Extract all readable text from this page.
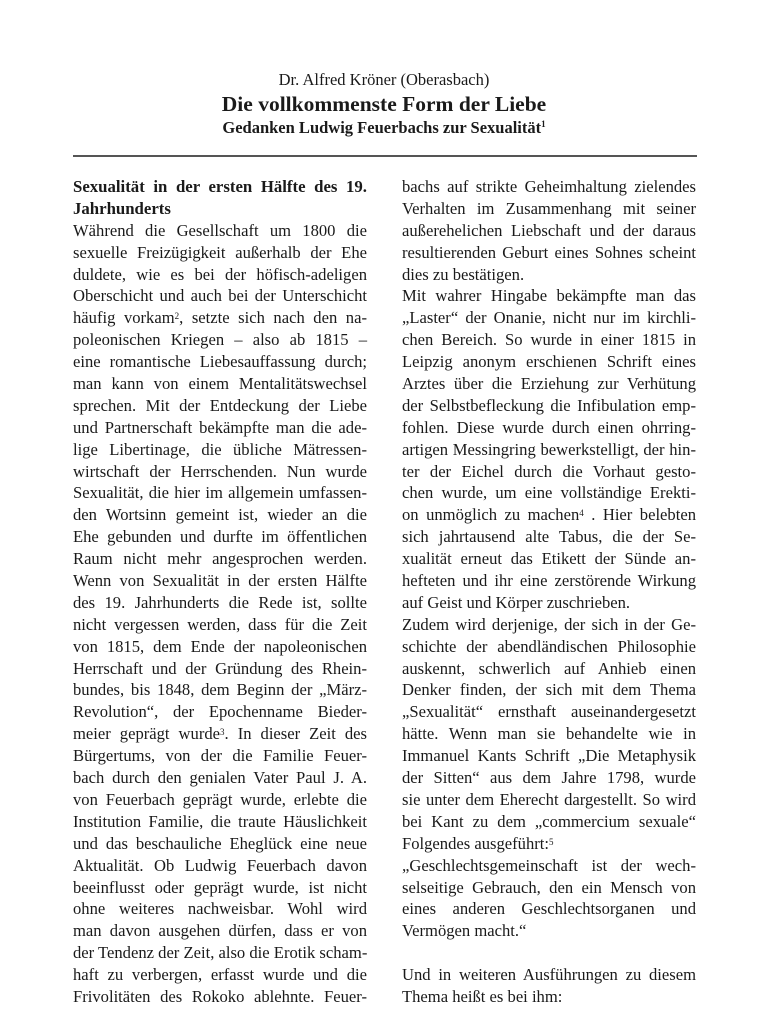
Dr. Alfred Kröner (Oberasbach)
Die vollkommenste Form der Liebe
Gedanken Ludwig Feuerbachs zur Sexualität$^1$
Sexualität in der ersten Hälfte des 19.
Jahrhunderts
Während die Gesellschaft um 1800 die
sexuelle Freizügigkeit außerhalb der Ehe
duldete, wie es bei der höfisch-adeligen
Oberschicht und auch bei der Unterschicht
häufig vorkam$^2$, setzte sich nach den na-
poleonischen Kriegen – also ab 1815 –
eine romantische Liebesauffassung durch;
man kann von einem Mentalitätswechsel
sprechen. Mit der Entdeckung der Liebe
und Partnerschaft bekämpfte man die ade-
lige Libertinage, die übliche Mätressen-
wirtschaft der Herrschenden. Nun wurde
Sexualität, die hier im allgemein umfassen-
den Wortsinn gemeint ist, wieder an die
Ehe gebunden und durfte im öffentlichen
Raum nicht mehr angesprochen werden.
Wenn von Sexualität in der ersten Hälfte
des 19. Jahrhunderts die Rede ist, sollte
nicht vergessen werden, dass für die Zeit
von 1815, dem Ende der napoleonischen
Herrschaft und der Gründung des Rhein-
bundes, bis 1848, dem Beginn der „März-
Revolution“, der Epochenname Bieder-
meier geprägt wurde$^3$. In dieser Zeit des
Bürgertums, von der die Familie Feuer-
bach durch den genialen Vater Paul J. A.
von Feuerbach geprägt wurde, erlebte die
Institution Familie, die traute Häuslichkeit
und das beschauliche Eheglück eine neue
Aktualität. Ob Ludwig Feuerbach davon
beeinflusst oder geprägt wurde, ist nicht
ohne weiteres nachweisbar. Wohl wird
man davon ausgehen dürfen, dass er von
der Tendenz der Zeit, also die Erotik scham-
haft zu verbergen, erfasst wurde und die
Frivolitäten des Rokoko ablehnte. Feuer-
bachs auf strikte Geheimhaltung zielendes
Verhalten im Zusammenhang mit seiner
außerehelichen Liebschaft und der daraus
resultierenden Geburt eines Sohnes scheint
dies zu bestätigen.
Mit wahrer Hingabe bekämpfte man das
„Laster“ der Onanie, nicht nur im kirchli-
chen Bereich. So wurde in einer 1815 in
Leipzig anonym erschienen Schrift eines
Arztes über die Erziehung zur Verhütung
der Selbstbefleckung die Infibulation emp-
fohlen. Diese wurde durch einen ohrring-
artigen Messingring bewerkstelligt, der hin-
ter der Eichel durch die Vorhaut gesto-
chen wurde, um eine vollständige Erekti-
on unmöglich zu machen$^4$ . Hier belebten
sich jahrtausend alte Tabus, die der Se-
xualität erneut das Etikett der Sünde an-
hefteten und ihr eine zerstörende Wirkung
auf Geist und Körper zuschrieben.
Zudem wird derjenige, der sich in der Ge-
schichte der abendländischen Philosophie
auskennt, schwerlich auf Anhieb einen
Denker finden, der sich mit dem Thema
„Sexualität“ ernsthaft auseinandergesetzt
hätte. Wenn man sie behandelte wie in
Immanuel Kants Schrift „Die Metaphysik
der Sitten“ aus dem Jahre 1798, wurde
sie unter dem Eherecht dargestellt. So wird
bei Kant zu dem „commercium sexuale“
Folgendes ausgeführt:$^5$
„Geschlechtsgemeinschaft ist der wech-
selseitige Gebrauch, den ein Mensch von
eines anderen Geschlechtsorganen und
Vermögen macht.“
Und in weiteren Ausführungen zu diesem
Thema heißt es bei ihm:
